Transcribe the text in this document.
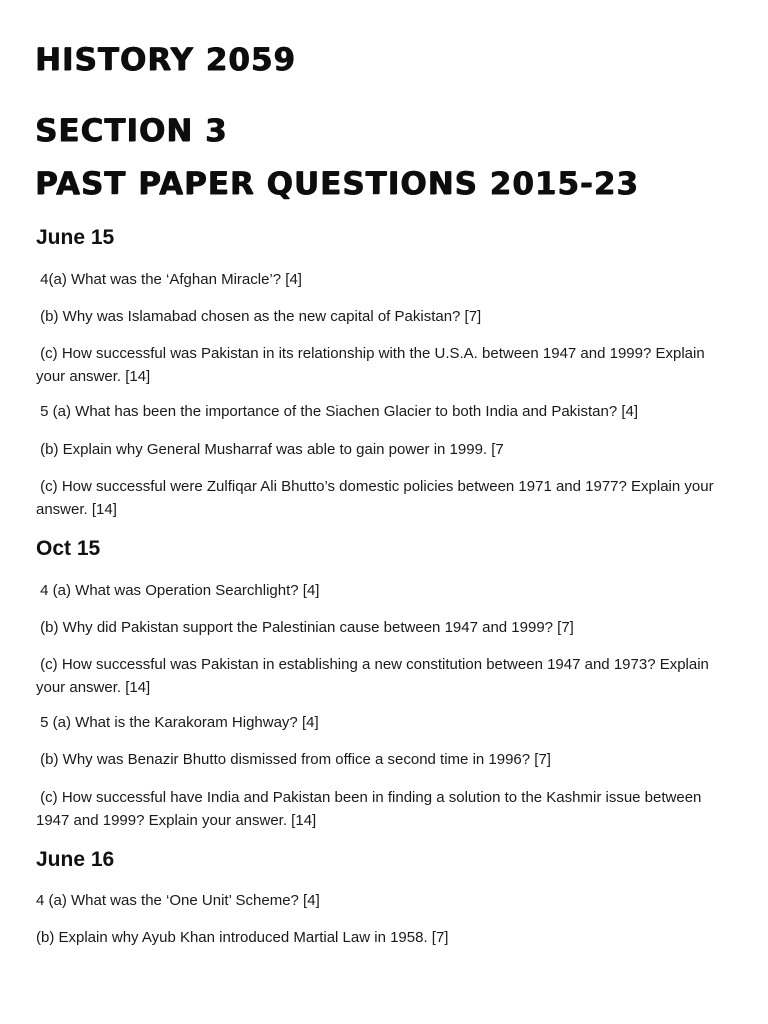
HISTORY 2059
SECTION 3
PAST PAPER QUESTIONS 2015-23
June 15

4(a) What was the ‘Afghan Miracle’? [4]

(b) Why was Islamabad chosen as the new capital of Pakistan? [7]

(c) How successful was Pakistan in its relationship with the U.S.A. between 1947 and 1999? Explain your answer. [14]

5 (a) What has been the importance of the Siachen Glacier to both India and Pakistan? [4]

(b) Explain why General Musharraf was able to gain power in 1999. [7

(c) How successful were Zulfiqar Ali Bhutto’s domestic policies between 1971 and 1977? Explain your answer. [14]

Oct 15

4 (a) What was Operation Searchlight? [4]

(b) Why did Pakistan support the Palestinian cause between 1947 and 1999? [7]

(c) How successful was Pakistan in establishing a new constitution between 1947 and 1973? Explain your answer. [14]

5 (a) What is the Karakoram Highway? [4]

(b) Why was Benazir Bhutto dismissed from office a second time in 1996? [7]

(c) How successful have India and Pakistan been in finding a solution to the Kashmir issue between 1947 and 1999? Explain your answer. [14]

June 16

4 (a) What was the ‘One Unit’ Scheme? [4]

(b) Explain why Ayub Khan introduced Martial Law in 1958. [7]
